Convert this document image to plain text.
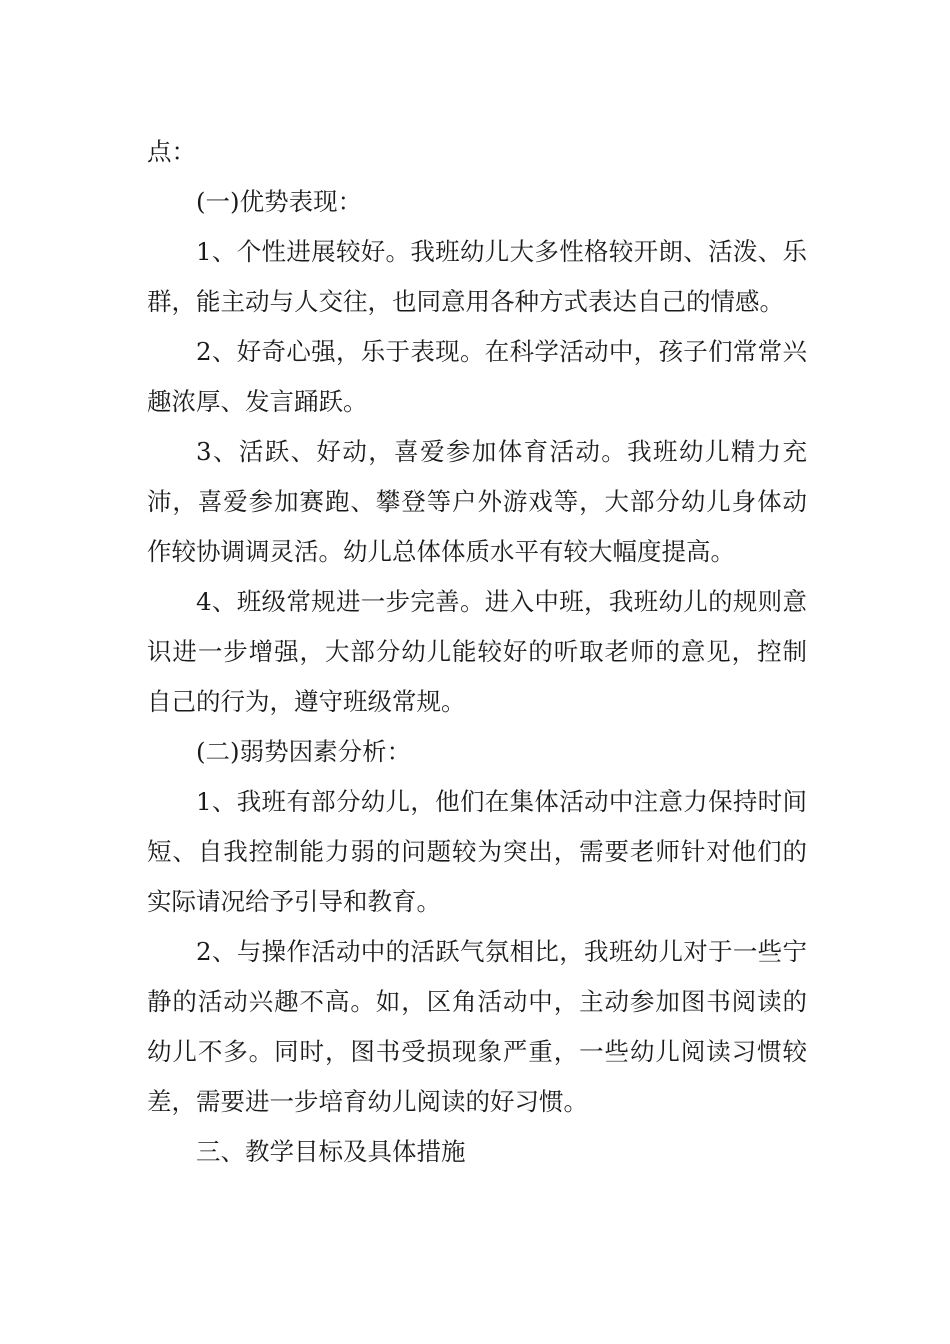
点：

(一)优势表现：

1、个性进展较好。我班幼儿大多性格较开朗、活泼、乐群，能主动与人交往，也同意用各种方式表达自己的情感。

2、好奇心强，乐于表现。在科学活动中，孩子们常常兴趣浓厚、发言踊跃。

3、活跃、好动，喜爱参加体育活动。我班幼儿精力充沛，喜爱参加赛跑、攀登等户外游戏等，大部分幼儿身体动作较协调调灵活。幼儿总体体质水平有较大幅度提高。

4、班级常规进一步完善。进入中班，我班幼儿的规则意识进一步增强，大部分幼儿能较好的听取老师的意见，控制自己的行为，遵守班级常规。

(二)弱势因素分析：

1、我班有部分幼儿，他们在集体活动中注意力保持时间短、自我控制能力弱的问题较为突出，需要老师针对他们的实际请况给予引导和教育。

2、与操作活动中的活跃气氛相比，我班幼儿对于一些宁静的活动兴趣不高。如，区角活动中，主动参加图书阅读的幼儿不多。同时，图书受损现象严重，一些幼儿阅读习惯较差，需要进一步培育幼儿阅读的好习惯。

三、教学目标及具体措施
